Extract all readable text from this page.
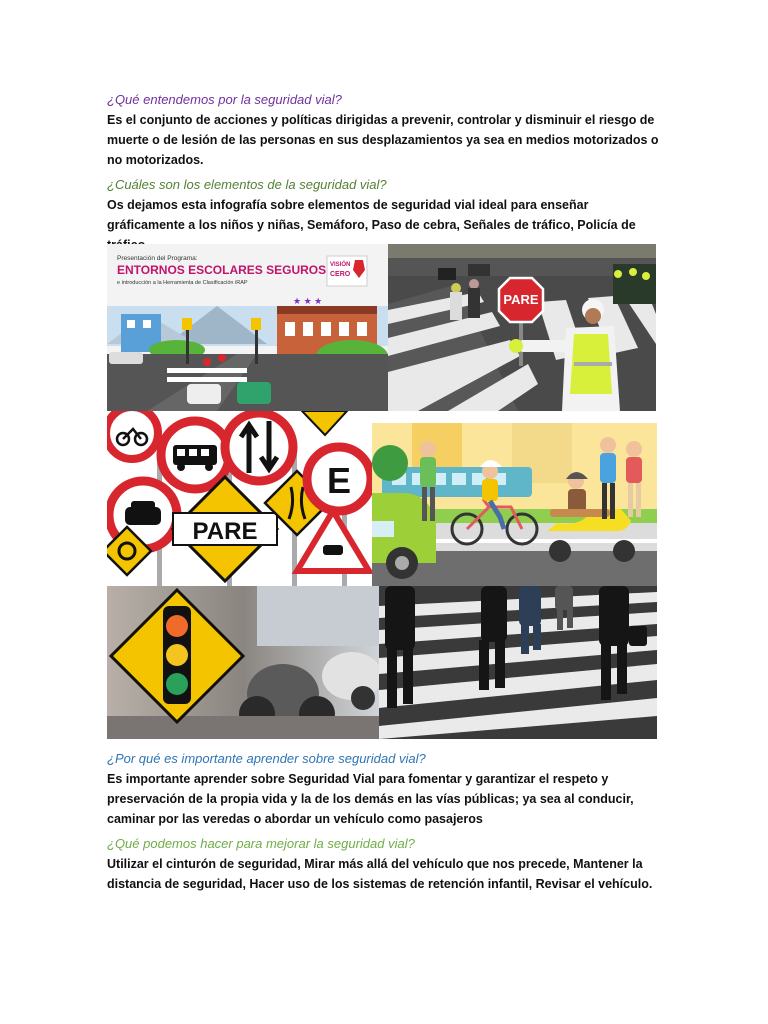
¿Qué entendemos por la seguridad vial?
Es el conjunto de acciones y políticas dirigidas a prevenir, controlar y disminuir el riesgo de muerte o de lesión de las personas en sus desplazamientos ya sea en medios motorizados o no motorizados.
¿Cuáles son los elementos de la seguridad vial?
Os dejamos esta infografía sobre elementos de seguridad vial ideal para enseñar gráficamente a los niños y niñas, Semáforo, Paso de cebra, Señales de tráfico, Policía de
Presentación del Programa:
ENTORNOS ESCOLARES SEGUROS
e introducción a la Herramienta de Clasificación iRAP
VISIÓN
CERO
★ ★ ★	PARE
PARE
E
¿Por qué es importante aprender sobre seguridad vial?
Es importante aprender sobre Seguridad Vial para fomentar y garantizar el respeto y preservación de la propia vida y la de los demás en las vías públicas; ya sea al conducir, caminar por las veredas o abordar un vehículo como pasajeros
¿Qué podemos hacer para mejorar la seguridad vial?
Utilizar el cinturón de seguridad, Mirar más allá del vehículo que nos precede, Mantener la distancia de seguridad, Hacer uso de los sistemas de retención infantil, Revisar el vehículo.
